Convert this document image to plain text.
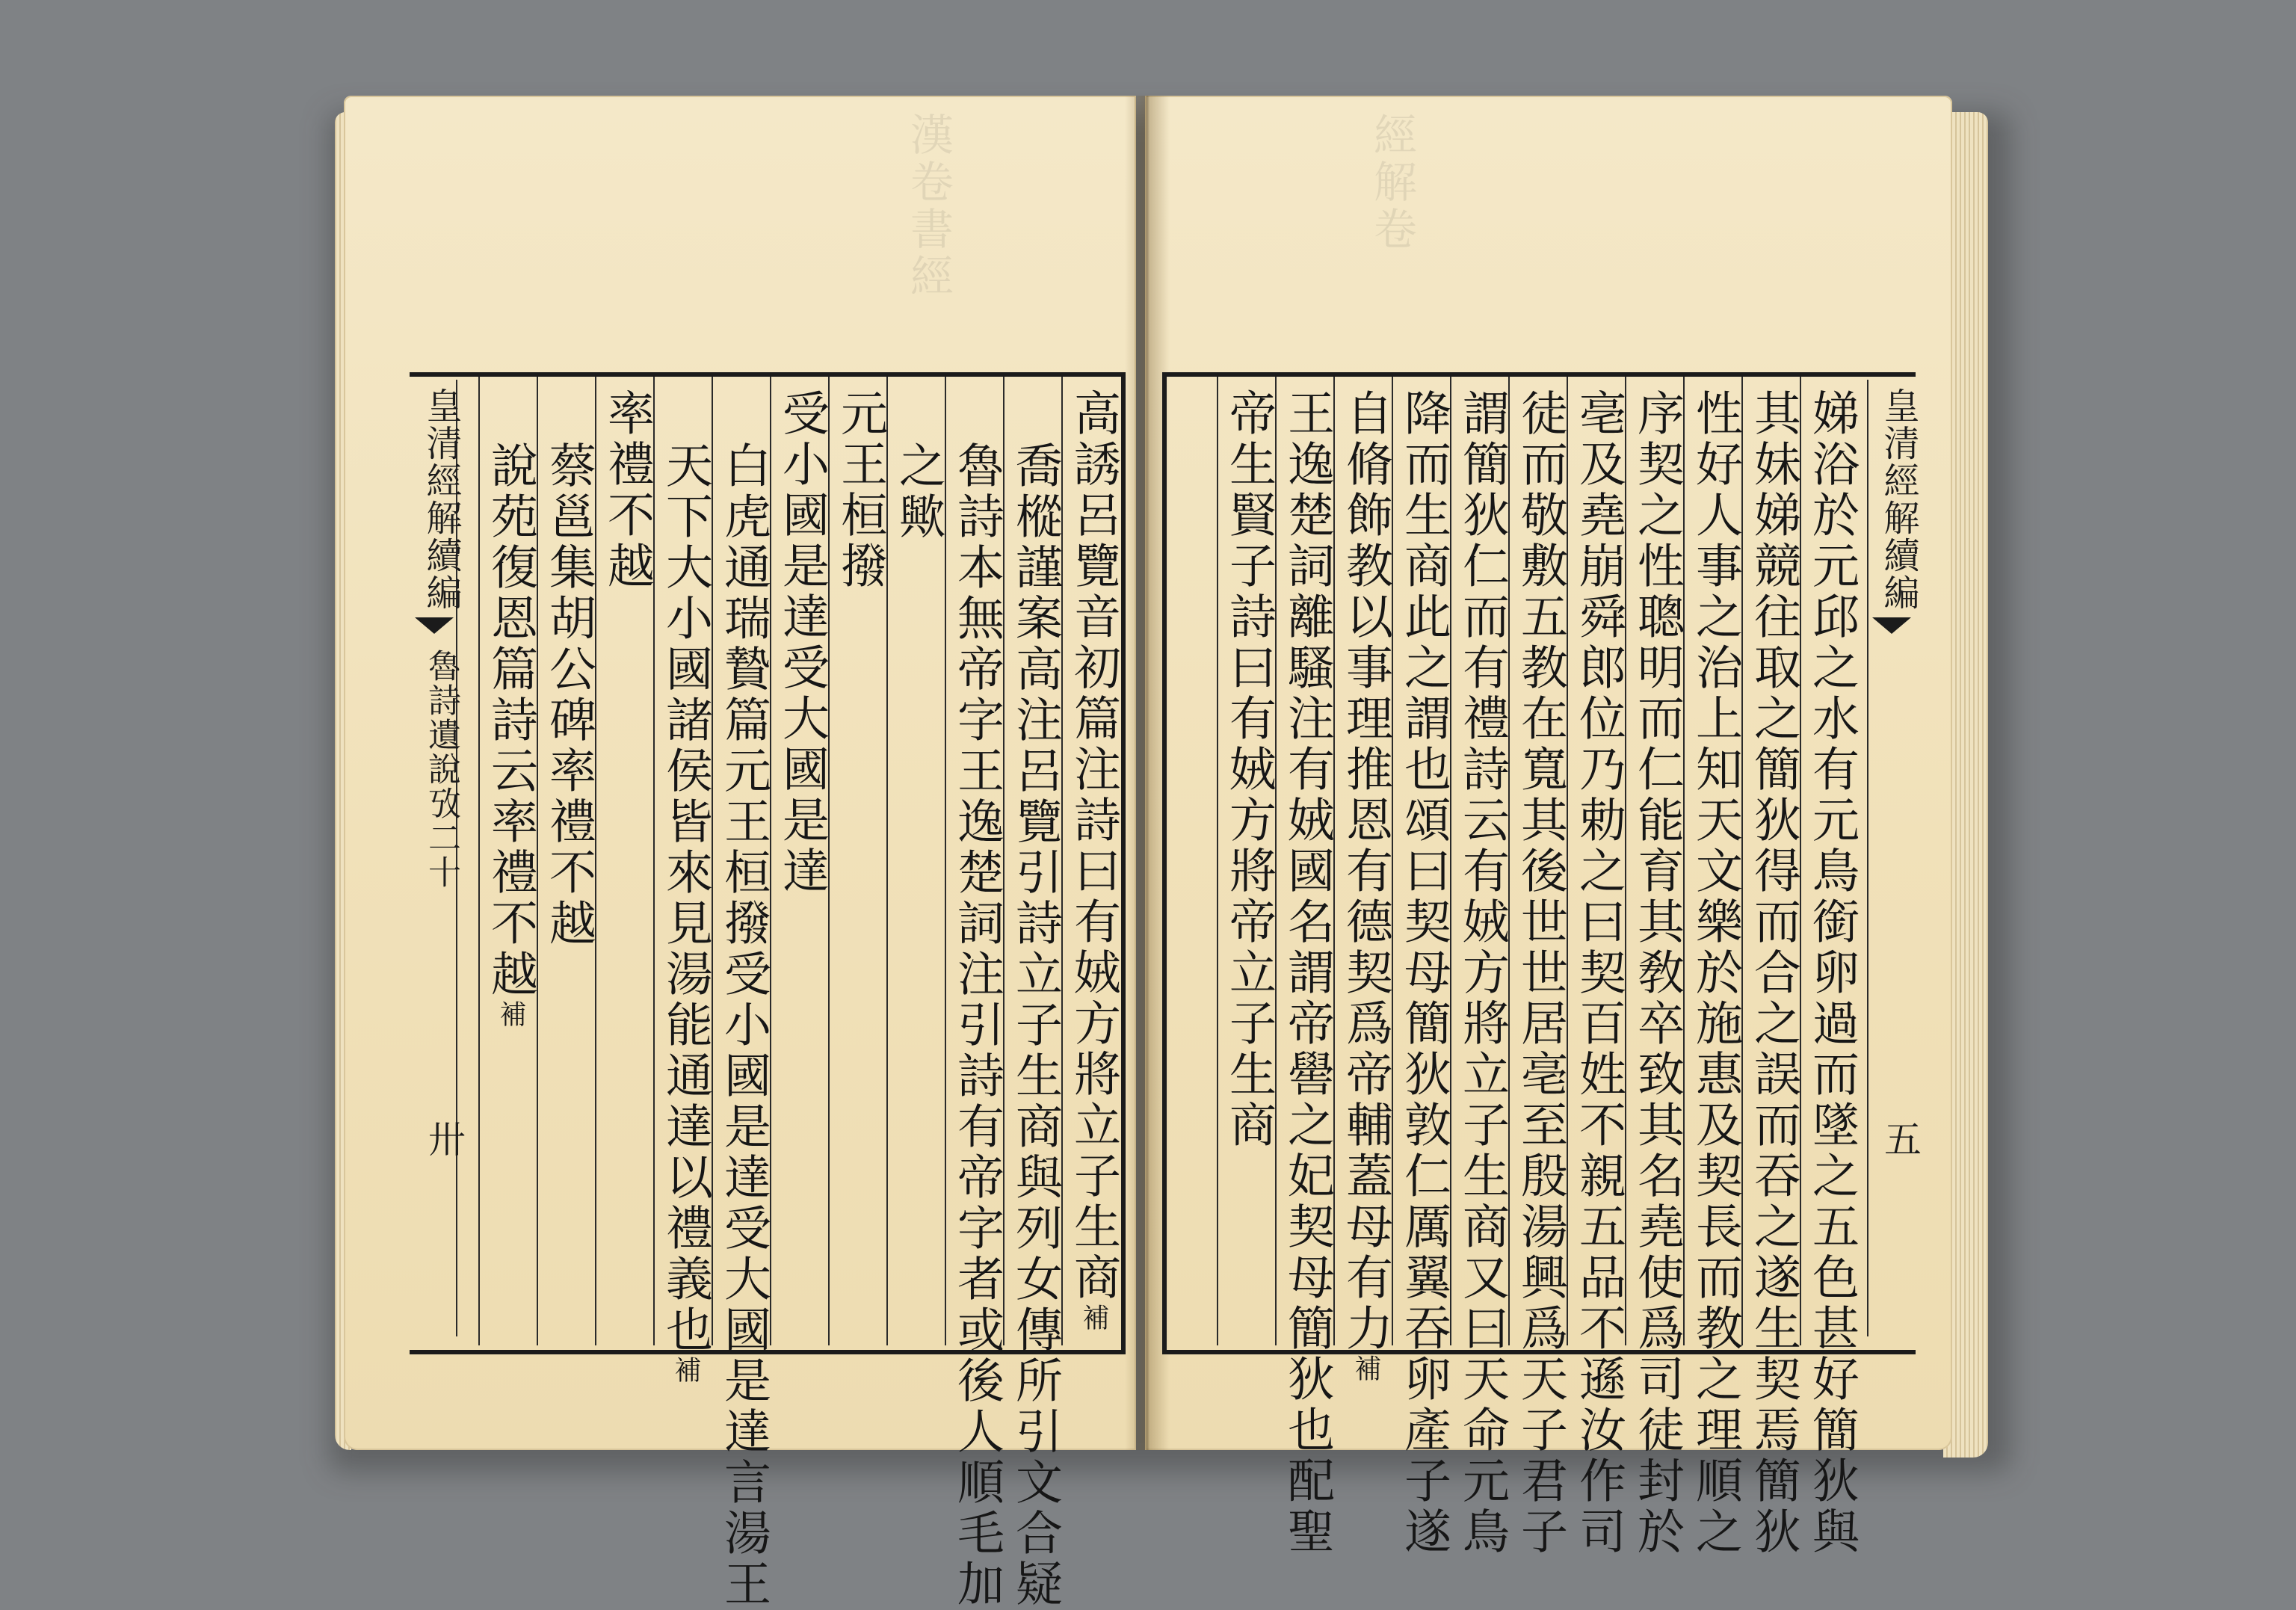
漢卷書經	經解卷
皇清經解續編
魯詩遺說攷二十
卅	高誘呂覽音初篇注詩曰有娀方將立子生商補
喬樅謹案高注呂覽引詩立子生商與列女傳所引文合疑
魯詩本無帝字王逸楚詞注引詩有帝字者或後人順毛加
之歟
元王桓撥
受小國是達受大國是達
白虎通瑞贄篇元王桓撥受小國是達受大國是達言湯王
天下大小國諸侯皆來見湯能通達以禮義也補
率禮不越
蔡邕集胡公碑率禮不越
說苑復恩篇詩云率禮不越補
皇清經解續編
五
娣浴於元邱之水有元鳥銜卵過而墜之五色甚好簡狄與
其妹娣競往取之簡狄得而合之誤而吞之遂生契焉簡狄
性好人事之治上知天文樂於施惠及契長而教之理順之
序契之性聰明而仁能育其敎卒致其名堯使爲司徒封於
亳及堯崩舜郎位乃勅之曰契百姓不親五品不遜汝作司
徒而敬敷五教在寬其後世世居亳至殷湯興爲天子君子
謂簡狄仁而有禮詩云有娀方將立子生商又曰天命元鳥
降而生商此之謂也頌曰契母簡狄敦仁厲翼吞卵產子遂
自脩飾教以事理推恩有德契爲帝輔蓋母有力補
王逸楚詞離騷注有娀國名謂帝嚳之妃契母簡狄也配聖
帝生賢子詩曰有娀方將帝立子生商
